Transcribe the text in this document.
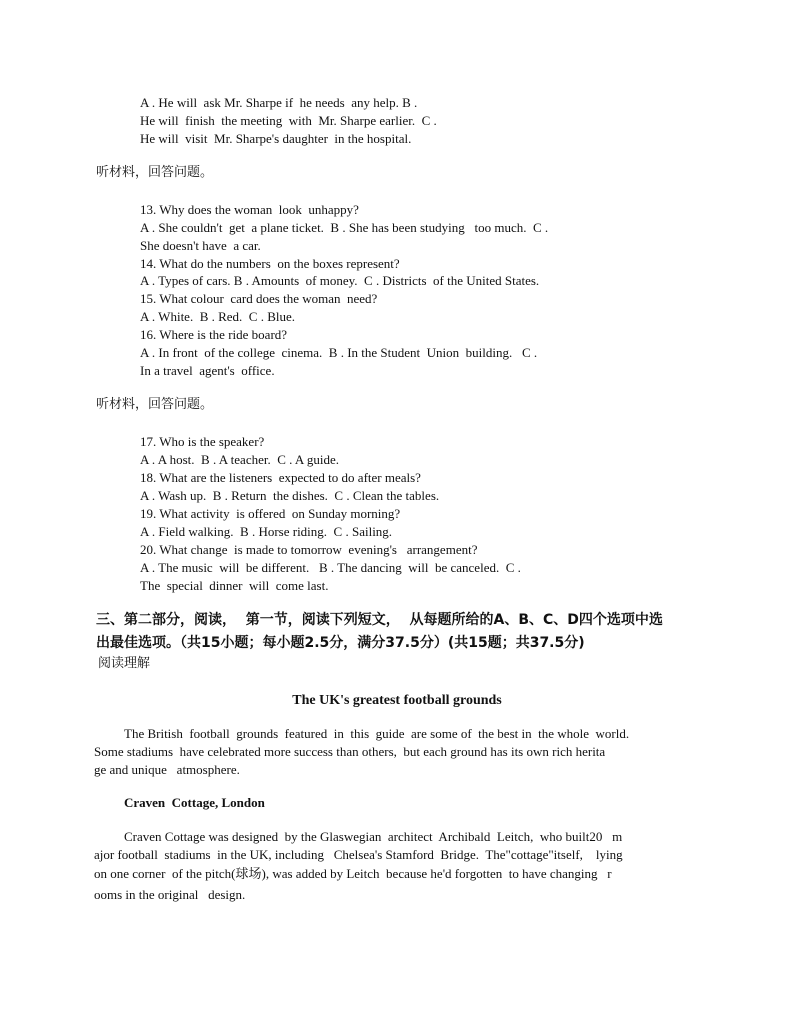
A . He will  ask Mr. Sharpe if  he needs  any help. B .
He will  finish  the meeting  with  Mr. Sharpe earlier.  C .
He will  visit  Mr. Sharpe's daughter  in the hospital.
听材料，回答问题。
13. Why does the woman  look  unhappy?
A . She couldn't  get  a plane ticket.  B . She has been studying   too much.  C .
She doesn't have  a car.
14. What do the numbers  on the boxes represent?
A . Types of cars. B . Amounts  of money.  C . Districts  of the United States.
15. What colour  card does the woman  need?
A . White.  B . Red.  C . Blue.
16. Where is the ride board?
A . In front  of the college  cinema.  B . In the Student  Union  building.   C .
In a travel  agent's  office.
听材料，回答问题。
17. Who is the speaker?
A . A host.  B . A teacher.  C . A guide.
18. What are the listeners  expected to do after meals?
A . Wash up.  B . Return  the dishes.  C . Clean the tables.
19. What activity  is offered  on Sunday morning?
A . Field walking.  B . Horse riding.  C . Sailing.
20. What change  is made to tomorrow  evening's   arrangement?
A . The music  will  be different.   B . The dancing  will  be canceled.  C .
The  special  dinner  will  come last.
三、第二部分，阅读，  第一节，阅读下列短文，  从每题所给的A、B、C、D四个选项中选
出最佳选项。（共15小题；每小题2.5分，满分37.5分）(共15题；共37.5分)
阅读理解
The UK's greatest football grounds
The British  football  grounds  featured  in  this  guide  are some of  the best in  the whole  world.
Some stadiums  have celebrated more success than others,  but each ground has its own rich herita
ge and unique   atmosphere.
Craven  Cottage, London
Craven Cottage was designed  by the Glaswegian  architect  Archibald  Leitch,  who built20   m
ajor football  stadiums  in the UK, including   Chelsea's Stamford  Bridge.  The"cottage"itself,    lying
on one corner  of the pitch(球场), was added by Leitch  because he'd forgotten  to have changing   r
ooms in the original   design.
